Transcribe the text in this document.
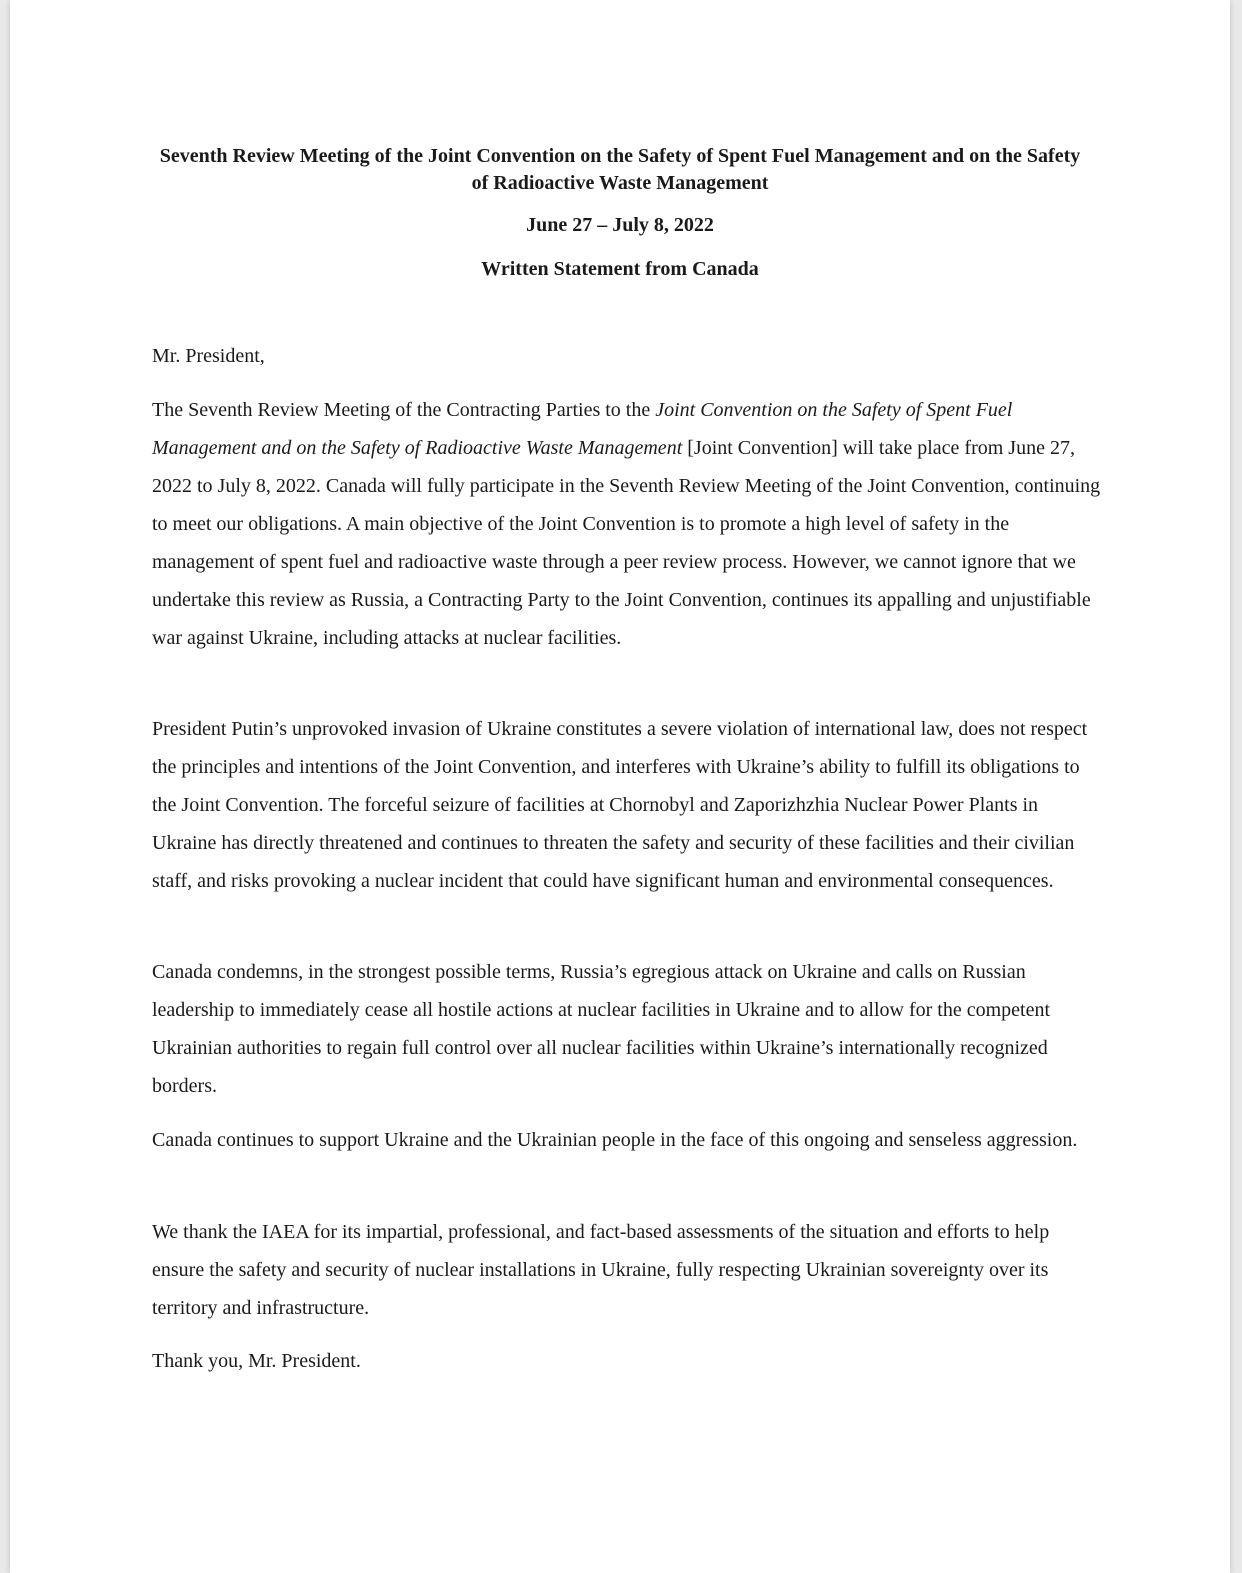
Seventh Review Meeting of the Joint Convention on the Safety of Spent Fuel Management and on the Safety of Radioactive Waste Management
June 27 – July 8, 2022
Written Statement from Canada

Mr. President,

The Seventh Review Meeting of the Contracting Parties to the Joint Convention on the Safety of Spent Fuel Management and on the Safety of Radioactive Waste Management [Joint Convention] will take place from June 27, 2022 to July 8, 2022. Canada will fully participate in the Seventh Review Meeting of the Joint Convention, continuing to meet our obligations. A main objective of the Joint Convention is to promote a high level of safety in the management of spent fuel and radioactive waste through a peer review process. However, we cannot ignore that we undertake this review as Russia, a Contracting Party to the Joint Convention, continues its appalling and unjustifiable war against Ukraine, including attacks at nuclear facilities.

President Putin’s unprovoked invasion of Ukraine constitutes a severe violation of international law, does not respect the principles and intentions of the Joint Convention, and interferes with Ukraine’s ability to fulfill its obligations to the Joint Convention. The forceful seizure of facilities at Chornobyl and Zaporizhzhia Nuclear Power Plants in Ukraine has directly threatened and continues to threaten the safety and security of these facilities and their civilian staff, and risks provoking a nuclear incident that could have significant human and environmental consequences.

Canada condemns, in the strongest possible terms, Russia’s egregious attack on Ukraine and calls on Russian leadership to immediately cease all hostile actions at nuclear facilities in Ukraine and to allow for the competent Ukrainian authorities to regain full control over all nuclear facilities within Ukraine’s internationally recognized borders.

Canada continues to support Ukraine and the Ukrainian people in the face of this ongoing and senseless aggression.

We thank the IAEA for its impartial, professional, and fact-based assessments of the situation and efforts to help ensure the safety and security of nuclear installations in Ukraine, fully respecting Ukrainian sovereignty over its territory and infrastructure.

Thank you, Mr. President.
